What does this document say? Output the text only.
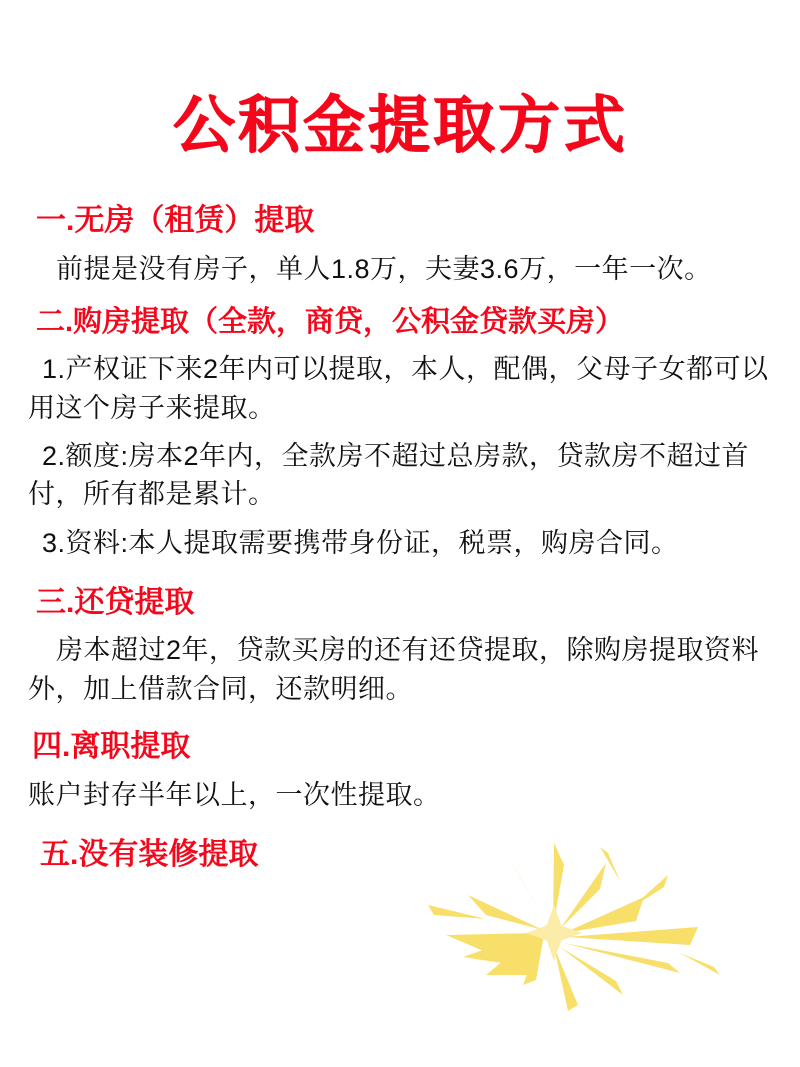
公积金提取方式
一.无房（租赁）提取

前提是没有房子，单人1.8万，夫妻3.6万，一年一次。

二.购房提取（全款，商贷，公积金贷款买房）

1.产权证下来2年内可以提取，本人，配偶，父母子女都可以用这个房子来提取。

2.额度:房本2年内，全款房不超过总房款，贷款房不超过首付，所有都是累计。

3.资料:本人提取需要携带身份证，税票，购房合同。

三.还贷提取

房本超过2年，贷款买房的还有还贷提取，除购房提取资料外，加上借款合同，还款明细。

四.离职提取

账户封存半年以上，一次性提取。

五.没有装修提取
